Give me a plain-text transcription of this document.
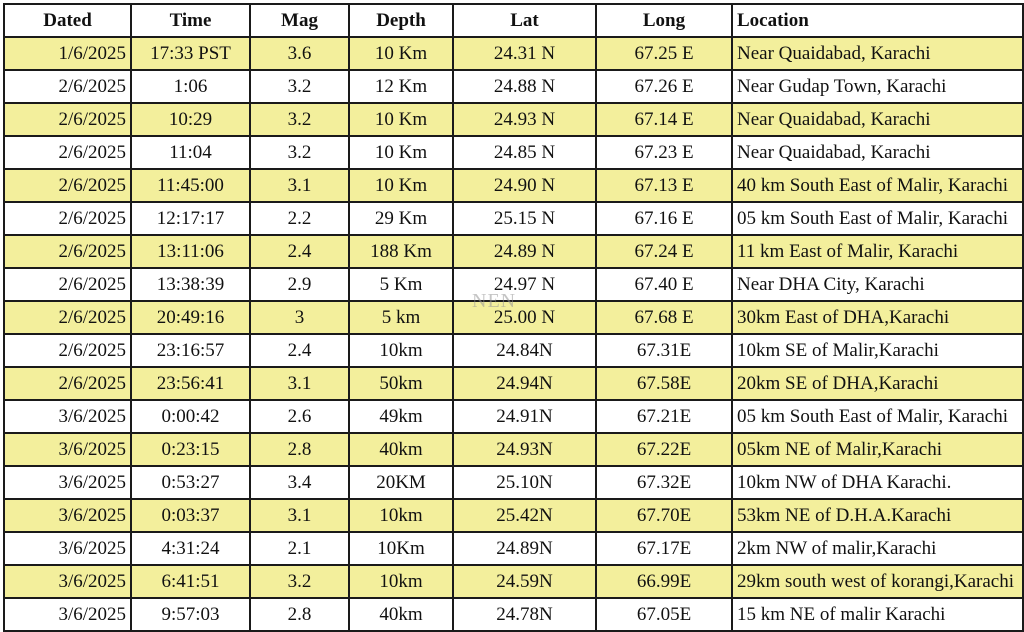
Dated	Time	Mag	Depth	Lat	Long	Location
1/6/2025	17:33 PST	3.6	10 Km	24.31 N	67.25 E	Near Quaidabad, Karachi
2/6/2025	1:06	3.2	12 Km	24.88 N	67.26 E	Near Gudap Town, Karachi
2/6/2025	10:29	3.2	10 Km	24.93 N	67.14 E	Near Quaidabad, Karachi
2/6/2025	11:04	3.2	10 Km	24.85 N	67.23 E	Near Quaidabad, Karachi
2/6/2025	11:45:00	3.1	10 Km	24.90 N	67.13 E	40 km South East of Malir, Karachi
2/6/2025	12:17:17	2.2	29 Km	25.15 N	67.16 E	05 km South East of Malir, Karachi
2/6/2025	13:11:06	2.4	188 Km	24.89 N	67.24 E	11 km East of Malir, Karachi
2/6/2025	13:38:39	2.9	5 Km	24.97 N	67.40 E	Near DHA City, Karachi
2/6/2025	20:49:16	3	5 km	25.00 N	67.68 E	30km East of DHA,Karachi
2/6/2025	23:16:57	2.4	10km	24.84N	67.31E	10km SE of Malir,Karachi
2/6/2025	23:56:41	3.1	50km	24.94N	67.58E	20km SE of DHA,Karachi
3/6/2025	0:00:42	2.6	49km	24.91N	67.21E	05 km South East of Malir, Karachi
3/6/2025	0:23:15	2.8	40km	24.93N	67.22E	05km NE of Malir,Karachi
3/6/2025	0:53:27	3.4	20KM	25.10N	67.32E	10km NW of DHA Karachi.
3/6/2025	0:03:37	3.1	10km	25.42N	67.70E	53km NE of D.H.A.Karachi
3/6/2025	4:31:24	2.1	10Km	24.89N	67.17E	2km NW of malir,Karachi
3/6/2025	6:41:51	3.2	10km	24.59N	66.99E	29km south west of korangi,Karachi
3/6/2025	9:57:03	2.8	40km	24.78N	67.05E	15 km NE of malir Karachi
NEN
